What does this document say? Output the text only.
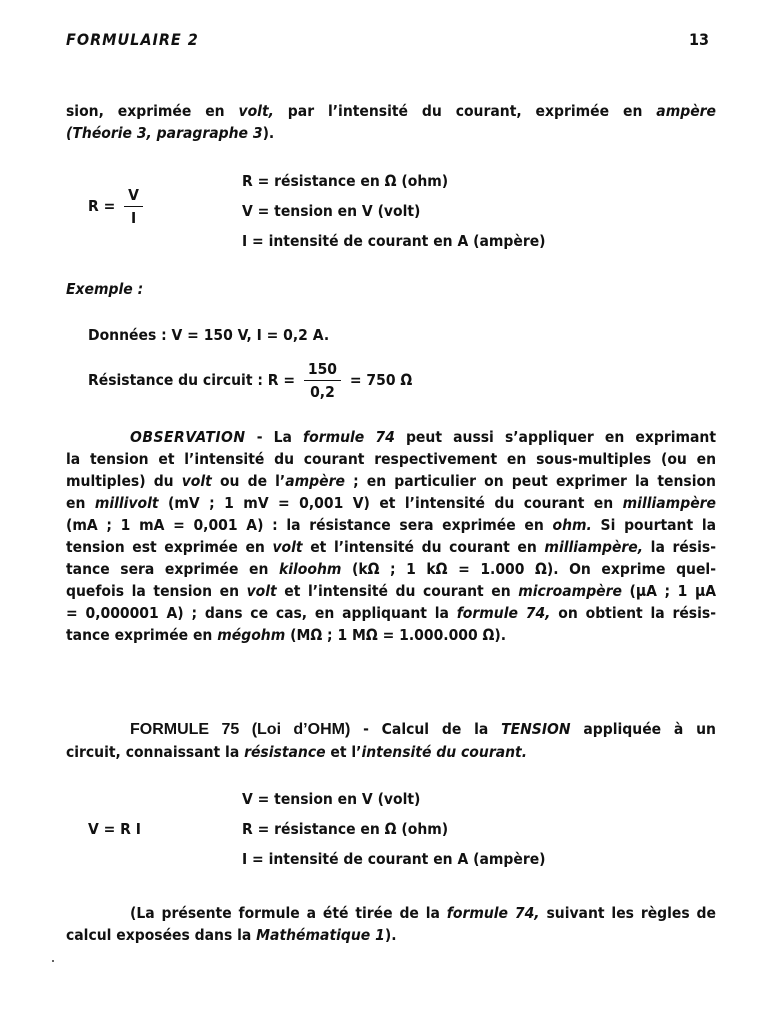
FORMULAIRE 2	13
sion, exprimée en volt, par l’intensité du courant, exprimée en ampère
(Théorie 3, paragraphe 3).
$R = \frac{V}{I}$
R = résistance en Ω (ohm)
V = tension en V (volt)
I = intensité de courant en A (ampère)
Exemple :
Données : V = 150 V, I = 0,2 A.
Résistance du circuit : $R = \frac{150}{0,2} = 750$ Ω
OBSERVATION - La formule 74 peut aussi s’appliquer en exprimant
la tension et l’intensité du courant respectivement en sous-multiples (ou en
multiples) du volt ou de l’ampère ; en particulier on peut exprimer la tension
en millivolt (mV ; 1 mV = 0,001 V) et l’intensité du courant en milliampère
(mA ; 1 mA = 0,001 A) : la résistance sera exprimée en ohm. Si pourtant la
tension est exprimée en volt et l’intensité du courant en milliampère, la résis-
tance sera exprimée en kiloohm (kΩ ; 1 kΩ = 1.000 Ω). On exprime quel-
quefois la tension en volt et l’intensité du courant en microampère (μA ; 1 μA
= 0,000001 A) ; dans ce cas, en appliquant la formule 74, on obtient la résis-
tance exprimée en mégohm (MΩ ; 1 MΩ = 1.000.000 Ω).
FORMULE 75 (Loi d’OHM) - Calcul de la TENSION appliquée à un
circuit, connaissant la résistance et l’intensité du courant.
V = R I
V = tension en V (volt)
R = résistance en Ω (ohm)
I = intensité de courant en A (ampère)
(La présente formule a été tirée de la formule 74, suivant les règles de
calcul exposées dans la Mathématique 1).
